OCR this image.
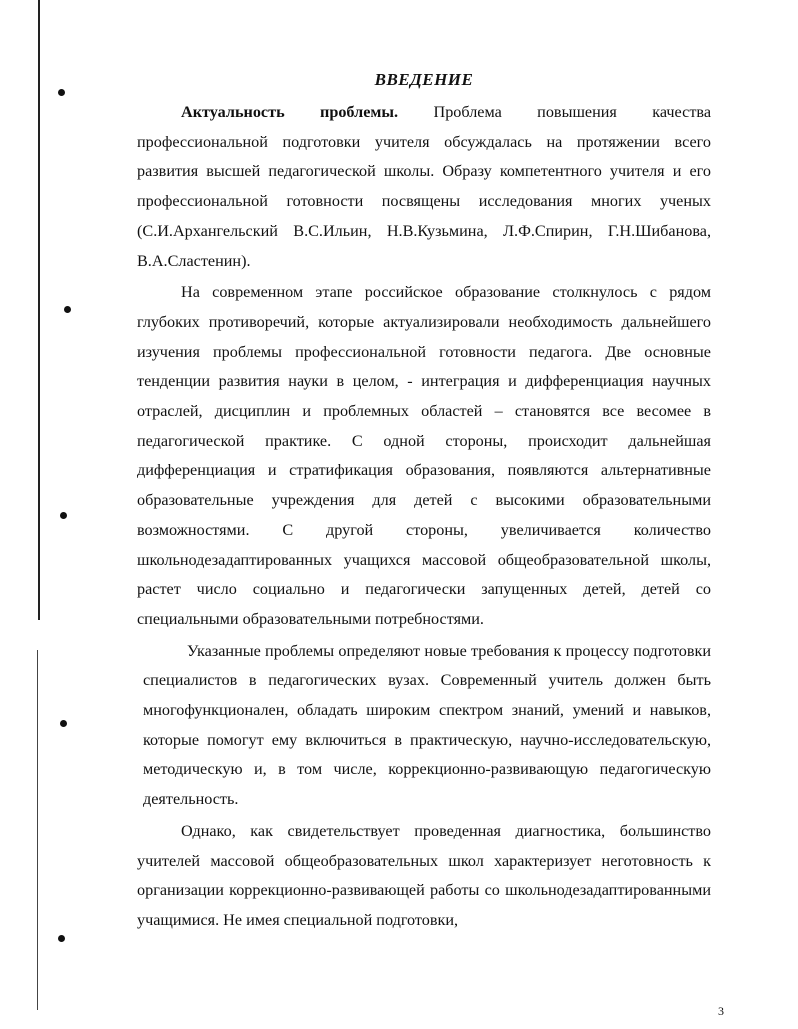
ВВЕДЕНИЕ

Актуальность проблемы. Проблема повышения качества профессиональной подготовки учителя обсуждалась на протяжении всего развития высшей педагогической школы. Образу компетентного учителя и его профессиональной готовности посвящены исследования многих ученых (С.И.Архангельский В.С.Ильин, Н.В.Кузьмина, Л.Ф.Спирин, Г.Н.Шибанова, В.А.Сластенин).

На современном этапе российское образование столкнулось с рядом глубоких противоречий, которые актуализировали необходимость дальнейшего изучения проблемы профессиональной готовности педагога. Две основные тенденции развития науки в целом, - интеграция и дифференциация научных отраслей, дисциплин и проблемных областей – становятся все весомее в педагогической практике. С одной стороны, происходит дальнейшая дифференциация и стратификация образования, появляются альтернативные образовательные учреждения для детей с высокими образовательными возможностями. С другой стороны, увеличивается количество школьнодезадаптированных учащихся массовой общеобразовательной школы, растет число социально и педагогически запущенных детей, детей со специальными образовательными потребностями.

Указанные проблемы определяют новые требования к процессу подготовки специалистов в педагогических вузах. Современный учитель должен быть многофункционален, обладать широким спектром знаний, умений и навыков, которые помогут ему включиться в практическую, научно-исследовательскую, методическую и, в том числе, коррекционно-развивающую педагогическую деятельность.

Однако, как свидетельствует проведенная диагностика, большинство учителей массовой общеобразовательных школ характеризует неготовность к организации коррекционно-развивающей работы со школьнодезадаптированными учащимися. Не имея специальной подготовки,

3
